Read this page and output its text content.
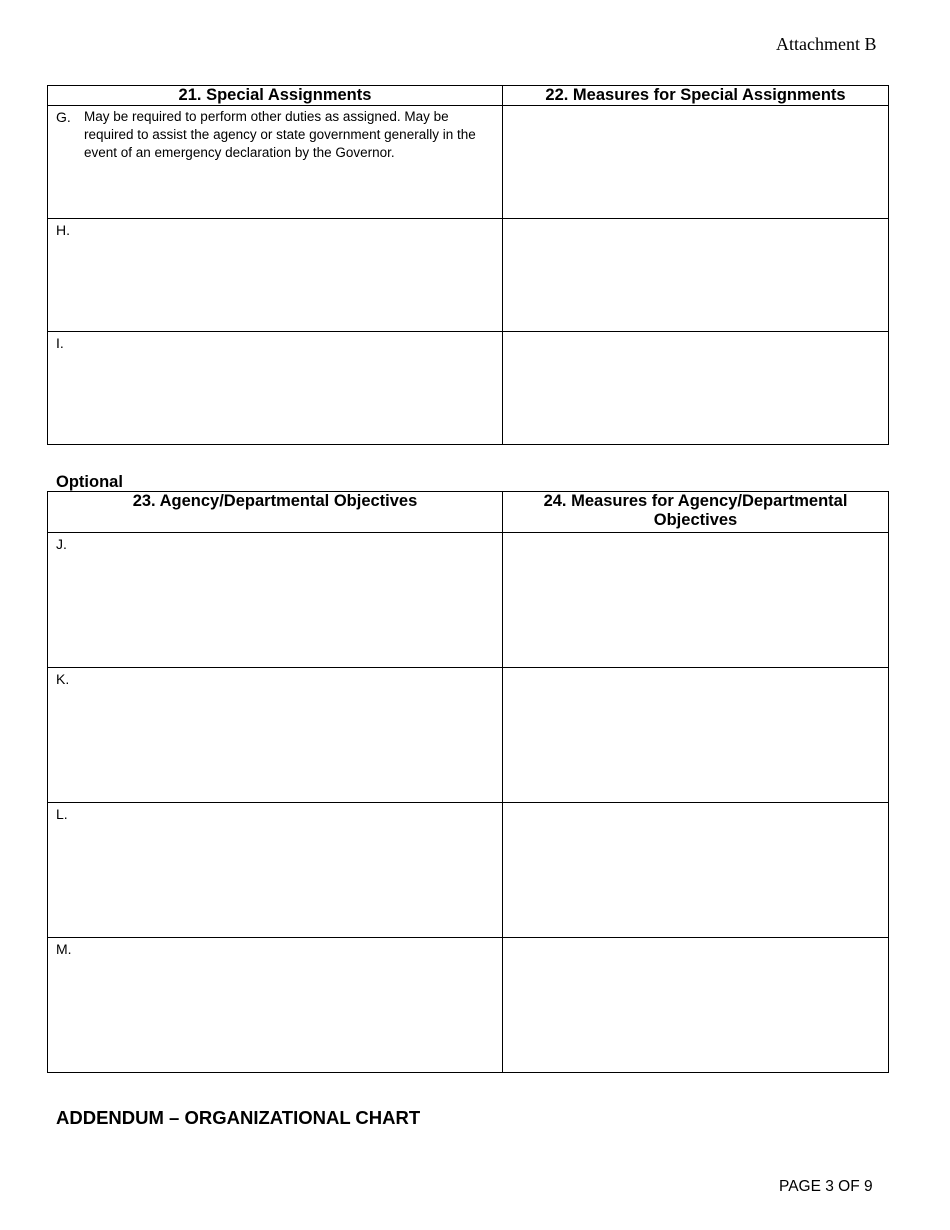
Attachment B
21. Special Assignments	22. Measures for Special Assignments

G. May be required to perform other duties as assigned. May be required to assist the agency or state government generally in the event of an emergency declaration by the Governor.	

H.	

I.	

Optional
23. Agency/Departmental Objectives	24. Measures for Agency/Departmental Objectives

J.	

K.	

L.	

M.	

ADDENDUM – ORGANIZATIONAL CHART
PAGE 3 OF 9
